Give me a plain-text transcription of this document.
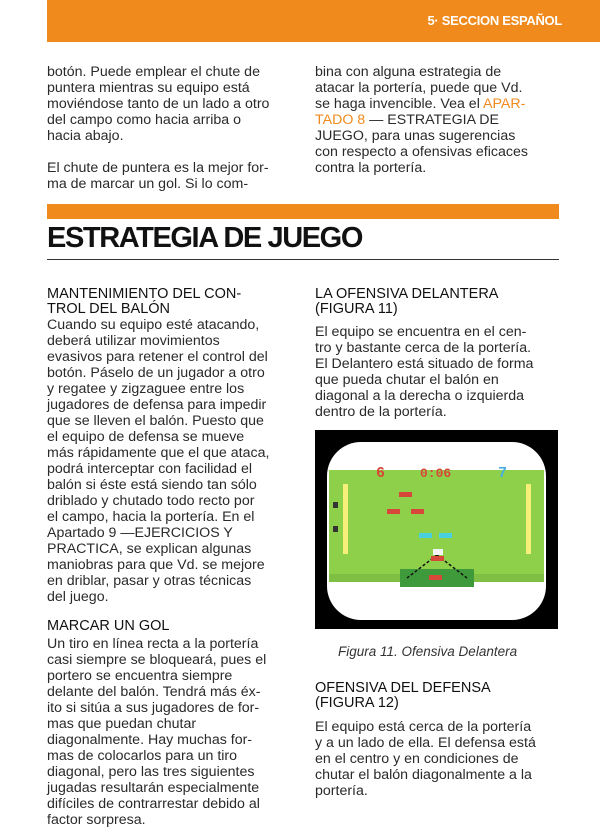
5· SECCION ESPAÑOL

botón. Puede emplear el chute de

puntera mientras su equipo está

moviéndose tanto de un lado a otro

del campo como hacia arriba o

hacia abajo.

El chute de puntera es la mejor for-

ma de marcar un gol. Si lo com-

bina con alguna estrategia de

atacar la portería, puede que Vd.

se haga invencible. Vea el APAR-

TADO 8 — ESTRATEGIA DE

JUEGO, para unas sugerencias

con respecto a ofensivas eficaces

contra la portería.

ESTRATEGIA DE JUEGO
MANTENIMIENTO DEL CON-
TROL DEL BALÓN

Cuando su equipo esté atacando,

deberá utilizar movimientos

evasivos para retener el control del

botón. Páselo de un jugador a otro

y regatee y zigzaguee entre los

jugadores de defensa para impedir

que se lleven el balón. Puesto que

el equipo de defensa se mueve

más rápidamente que el que ataca,

podrá interceptar con facilidad el

balón si éste está siendo tan sólo

driblado y chutado todo recto por

el campo, hacia la portería. En el

Apartado 9 —EJERCICIOS Y

PRACTICA, se explican algunas

maniobras para que Vd. se mejore

en driblar, pasar y otras técnicas

del juego.

MARCAR UN GOL

Un tiro en línea recta a la portería

casi siempre se bloqueará, pues el

portero se encuentra siempre

delante del balón. Tendrá más éx-

ito si sitúa a sus jugadores de for-

mas que puedan chutar

diagonalmente. Hay muchas for-

mas de colocarlos para un tiro

diagonal, pero las tres siguientes

jugadas resultarán especialmente

difíciles de contrarrestar debido al

factor sorpresa.

LA OFENSIVA DELANTERA
(FIGURA 11)

El equipo se encuentra en el cen-

tro y bastante cerca de la portería.

El Delantero está situado de forma

que pueda chutar el balón en

diagonal a la derecha o izquierda

dentro de la portería.

6	0:06	7
Figura 11. Ofensiva Delantera
OFENSIVA DEL DEFENSA
(FIGURA 12)

El equipo está cerca de la portería

y a un lado de ella. El defensa está

en el centro y en condiciones de

chutar el balón diagonalmente a la

portería.
